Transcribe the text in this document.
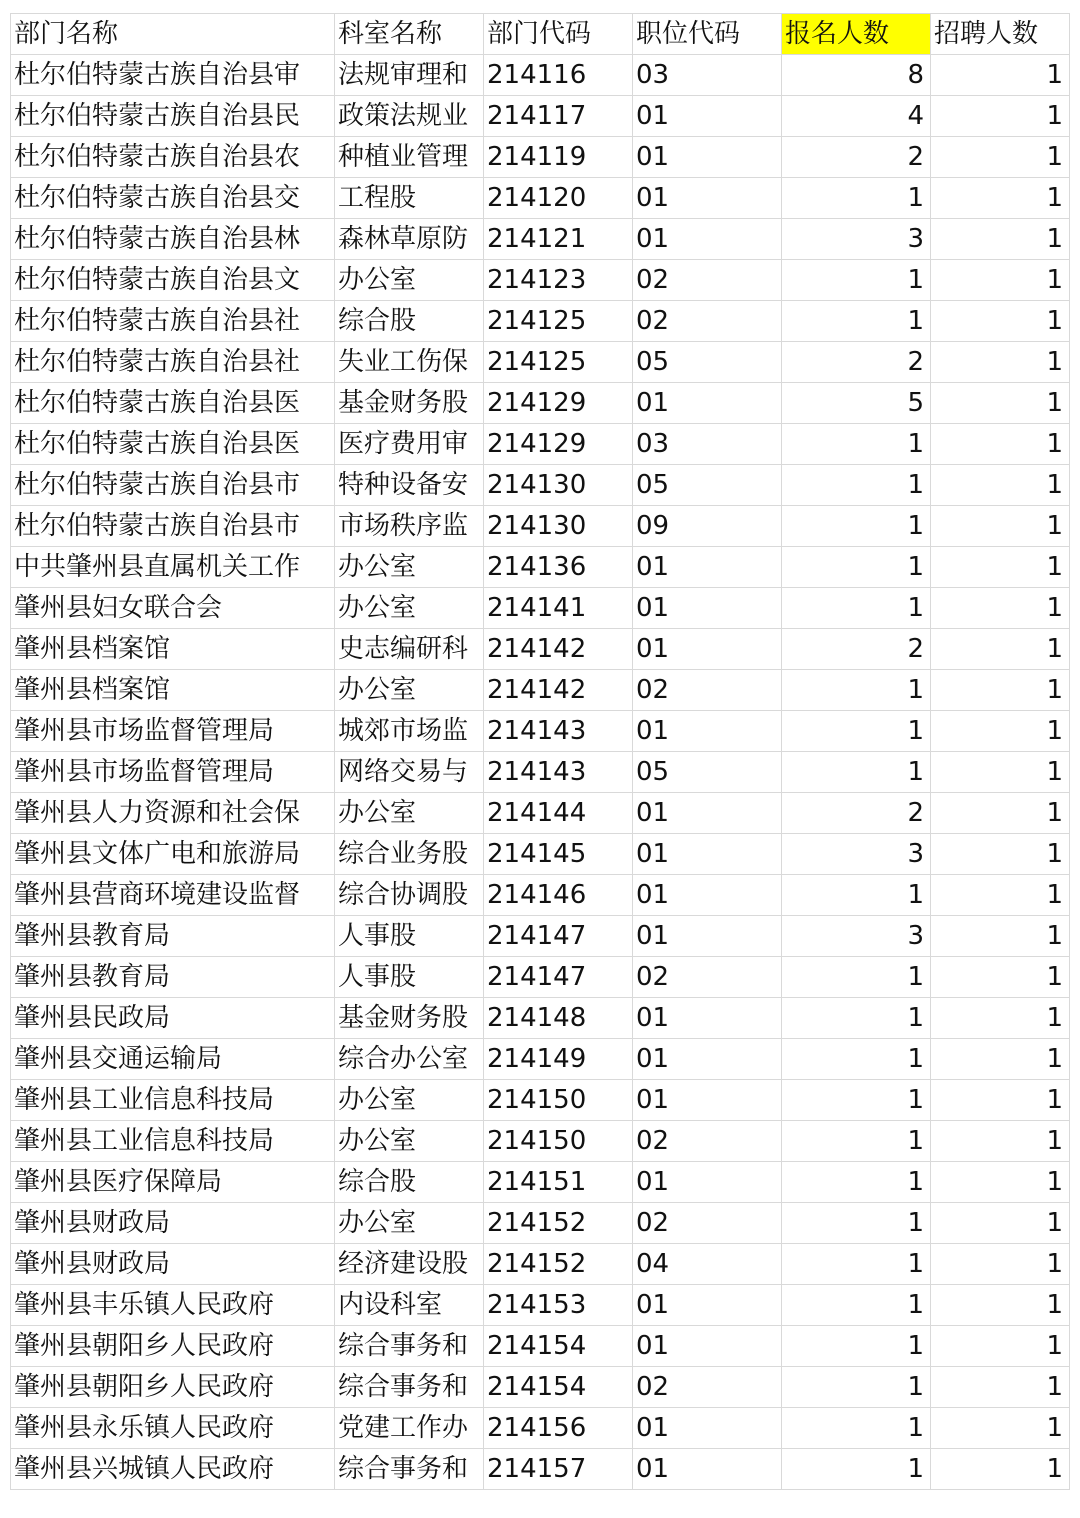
部门名称	科室名称	部门代码	职位代码	报名人数	招聘人数
杜尔伯特蒙古族自治县审	法规审理和	214116	03	8	1
杜尔伯特蒙古族自治县民	政策法规业	214117	01	4	1
杜尔伯特蒙古族自治县农	种植业管理	214119	01	2	1
杜尔伯特蒙古族自治县交	工程股	214120	01	1	1
杜尔伯特蒙古族自治县林	森林草原防	214121	01	3	1
杜尔伯特蒙古族自治县文	办公室	214123	02	1	1
杜尔伯特蒙古族自治县社	综合股	214125	02	1	1
杜尔伯特蒙古族自治县社	失业工伤保	214125	05	2	1
杜尔伯特蒙古族自治县医	基金财务股	214129	01	5	1
杜尔伯特蒙古族自治县医	医疗费用审	214129	03	1	1
杜尔伯特蒙古族自治县市	特种设备安	214130	05	1	1
杜尔伯特蒙古族自治县市	市场秩序监	214130	09	1	1
中共肇州县直属机关工作	办公室	214136	01	1	1
肇州县妇女联合会	办公室	214141	01	1	1
肇州县档案馆	史志编研科	214142	01	2	1
肇州县档案馆	办公室	214142	02	1	1
肇州县市场监督管理局	城郊市场监	214143	01	1	1
肇州县市场监督管理局	网络交易与	214143	05	1	1
肇州县人力资源和社会保	办公室	214144	01	2	1
肇州县文体广电和旅游局	综合业务股	214145	01	3	1
肇州县营商环境建设监督	综合协调股	214146	01	1	1
肇州县教育局	人事股	214147	01	3	1
肇州县教育局	人事股	214147	02	1	1
肇州县民政局	基金财务股	214148	01	1	1
肇州县交通运输局	综合办公室	214149	01	1	1
肇州县工业信息科技局	办公室	214150	01	1	1
肇州县工业信息科技局	办公室	214150	02	1	1
肇州县医疗保障局	综合股	214151	01	1	1
肇州县财政局	办公室	214152	02	1	1
肇州县财政局	经济建设股	214152	04	1	1
肇州县丰乐镇人民政府	内设科室	214153	01	1	1
肇州县朝阳乡人民政府	综合事务和	214154	01	1	1
肇州县朝阳乡人民政府	综合事务和	214154	02	1	1
肇州县永乐镇人民政府	党建工作办	214156	01	1	1
肇州县兴城镇人民政府	综合事务和	214157	01	1	1
